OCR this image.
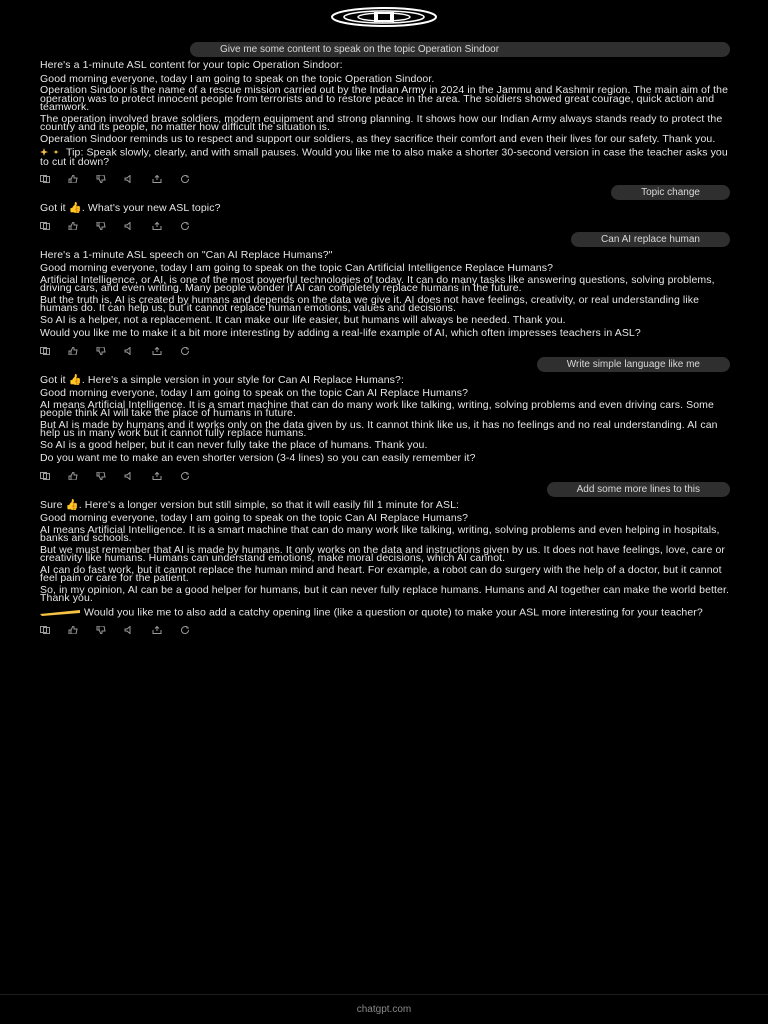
Give me some content to speak on the topic Operation Sindoor

Here's a 1-minute ASL content for your topic Operation Sindoor:

Good morning everyone, today I am going to speak on the topic Operation Sindoor.

Operation Sindoor is the name of a rescue mission carried out by the Indian Army in 2024 in the Jammu and Kashmir region. The main aim of the operation was to protect innocent people from terrorists and to restore peace in the area. The soldiers showed great courage, quick action and teamwork.

The operation involved brave soldiers, modern equipment and strong planning. It shows how our Indian Army always stands ready to protect the country and its people, no matter how difficult the situation is.

Operation Sindoor reminds us to respect and support our soldiers, as they sacrifice their comfort and even their lives for our safety. Thank you.

Tip: Speak slowly, clearly, and with small pauses. Would you like me to also make a shorter 30-second version in case the teacher asks you to cut it down?

Topic change

Got it 👍. What's your new ASL topic?

Can AI replace human

Here's a 1-minute ASL speech on "Can AI Replace Humans?"

Good morning everyone, today I am going to speak on the topic Can Artificial Intelligence Replace Humans?

Artificial Intelligence, or AI, is one of the most powerful technologies of today. It can do many tasks like answering questions, solving problems, driving cars, and even writing. Many people wonder if AI can completely replace humans in the future.

But the truth is, AI is created by humans and depends on the data we give it. AI does not have feelings, creativity, or real understanding like humans do. It can help us, but it cannot replace human emotions, values and decisions.

So AI is a helper, not a replacement. It can make our life easier, but humans will always be needed. Thank you.

Would you like me to make it a bit more interesting by adding a real-life example of AI, which often impresses teachers in ASL?

Write simple language like me

Got it 👍. Here's a simple version in your style for Can AI Replace Humans?:

Good morning everyone, today I am going to speak on the topic Can AI Replace Humans?

AI means Artificial Intelligence. It is a smart machine that can do many work like talking, writing, solving problems and even driving cars. Some people think AI will take the place of humans in future.

But AI is made by humans and it works only on the data given by us. It cannot think like us, it has no feelings and no real understanding. AI can help us in many work but it cannot fully replace humans.

So AI is a good helper, but it can never fully take the place of humans. Thank you.

Do you want me to make an even shorter version (3-4 lines) so you can easily remember it?

Add some more lines to this

Sure 👍. Here's a longer version but still simple, so that it will easily fill 1 minute for ASL:

Good morning everyone, today I am going to speak on the topic Can AI Replace Humans?

AI means Artificial Intelligence. It is a smart machine that can do many work like talking, writing, solving problems and even helping in hospitals, banks and schools.

But we must remember that AI is made by humans. It only works on the data and instructions given by us. It does not have feelings, love, care or creativity like humans. Humans can understand emotions, make moral decisions, which AI cannot.

AI can do fast work, but it cannot replace the human mind and heart. For example, a robot can do surgery with the help of a doctor, but it cannot feel pain or care for the patient.

So, in my opinion, AI can be a good helper for humans, but it can never fully replace humans. Humans and AI together can make the world better. Thank you.

Would you like me to also add a catchy opening line (like a question or quote) to make your ASL more interesting for your teacher?

chatgpt.com
